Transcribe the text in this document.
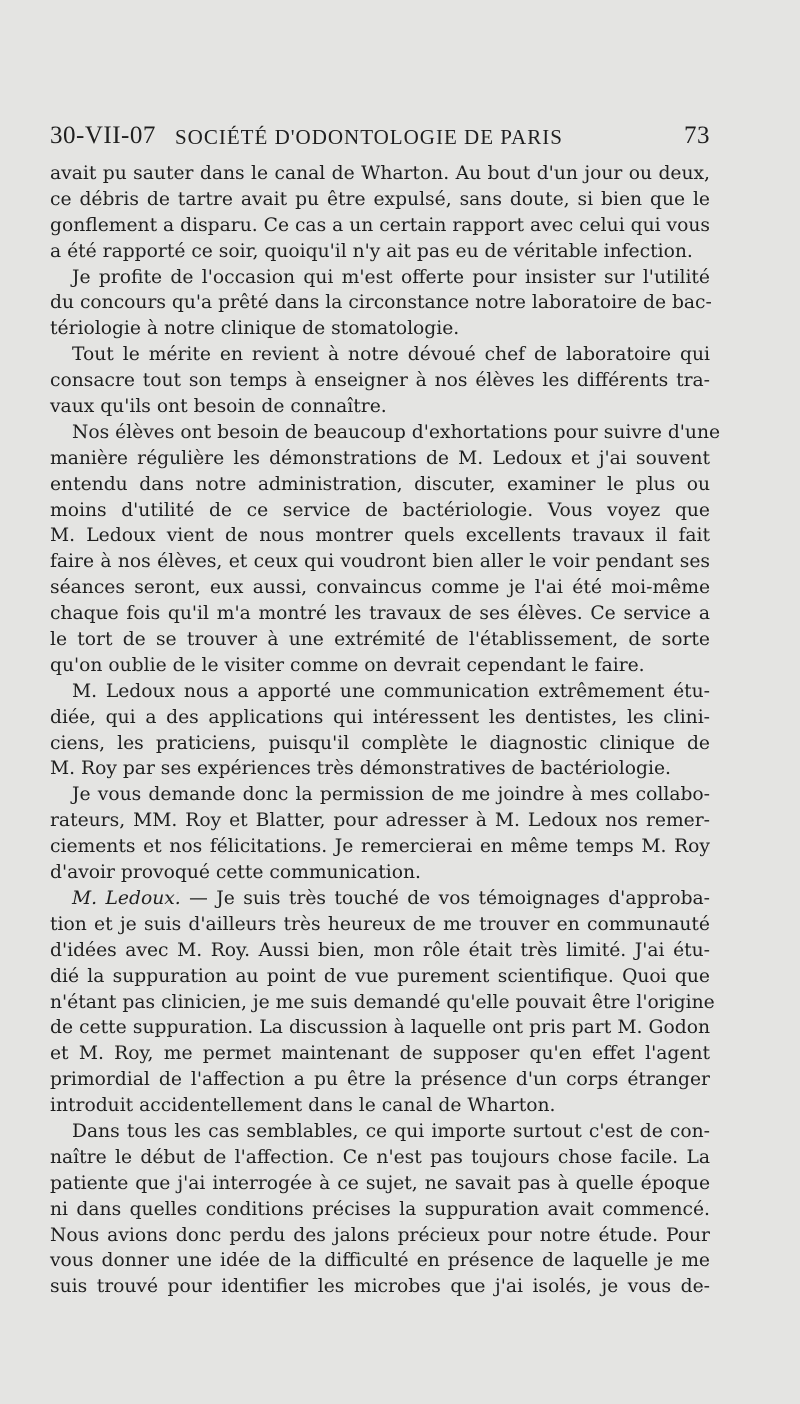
30-VII-07 SOCIÉTÉ D'ODONTOLOGIE DE PARIS	73
avait pu sauter dans le canal de Wharton. Au bout d'un jour ou deux,
ce débris de tartre avait pu être expulsé, sans doute, si bien que le
gonflement a disparu. Ce cas a un certain rapport avec celui qui vous
a été rapporté ce soir, quoiqu'il n'y ait pas eu de véritable infection.
Je profite de l'occasion qui m'est offerte pour insister sur l'utilité
du concours qu'a prêté dans la circonstance notre laboratoire de bac-
tériologie à notre clinique de stomatologie.
Tout le mérite en revient à notre dévoué chef de laboratoire qui
consacre tout son temps à enseigner à nos élèves les différents tra-
vaux qu'ils ont besoin de connaître.
Nos élèves ont besoin de beaucoup d'exhortations pour suivre d'une
manière régulière les démonstrations de M. Ledoux et j'ai souvent
entendu dans notre administration, discuter, examiner le plus ou
moins d'utilité de ce service de bactériologie. Vous voyez que
M. Ledoux vient de nous montrer quels excellents travaux il fait
faire à nos élèves, et ceux qui voudront bien aller le voir pendant ses
séances seront, eux aussi, convaincus comme je l'ai été moi-même
chaque fois qu'il m'a montré les travaux de ses élèves. Ce service a
le tort de se trouver à une extrémité de l'établissement, de sorte
qu'on oublie de le visiter comme on devrait cependant le faire.
M. Ledoux nous a apporté une communication extrêmement étu-
diée, qui a des applications qui intéressent les dentistes, les clini-
ciens, les praticiens, puisqu'il complète le diagnostic clinique de
M. Roy par ses expériences très démonstratives de bactériologie.
Je vous demande donc la permission de me joindre à mes collabo-
rateurs, MM. Roy et Blatter, pour adresser à M. Ledoux nos remer-
ciements et nos félicitations. Je remercierai en même temps M. Roy
d'avoir provoqué cette communication.
M. Ledoux. — Je suis très touché de vos témoignages d'approba-
tion et je suis d'ailleurs très heureux de me trouver en communauté
d'idées avec M. Roy. Aussi bien, mon rôle était très limité. J'ai étu-
dié la suppuration au point de vue purement scientifique. Quoi que
n'étant pas clinicien, je me suis demandé qu'elle pouvait être l'origine
de cette suppuration. La discussion à laquelle ont pris part M. Godon
et M. Roy, me permet maintenant de supposer qu'en effet l'agent
primordial de l'affection a pu être la présence d'un corps étranger
introduit accidentellement dans le canal de Wharton.
Dans tous les cas semblables, ce qui importe surtout c'est de con-
naître le début de l'affection. Ce n'est pas toujours chose facile. La
patiente que j'ai interrogée à ce sujet, ne savait pas à quelle époque
ni dans quelles conditions précises la suppuration avait commencé.
Nous avions donc perdu des jalons précieux pour notre étude. Pour
vous donner une idée de la difficulté en présence de laquelle je me
suis trouvé pour identifier les microbes que j'ai isolés, je vous de-
